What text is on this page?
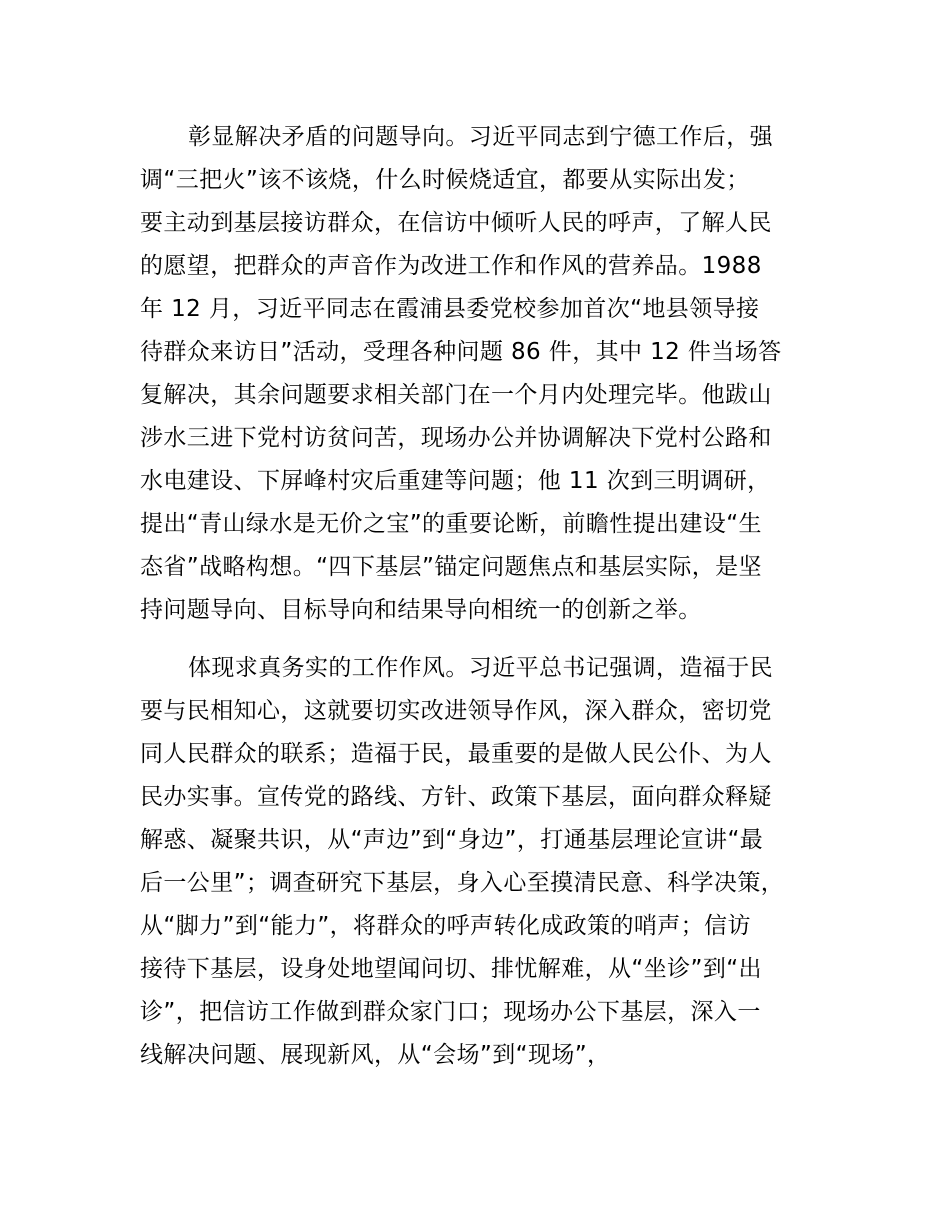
彰显解决矛盾的问题导向。习近平同志到宁德工作后，强
调“三把火”该不该烧，什么时候烧适宜，都要从实际出发；
要主动到基层接访群众，在信访中倾听人民的呼声，了解人民
的愿望，把群众的声音作为改进工作和作风的营养品。1988
年 12 月，习近平同志在霞浦县委党校参加首次“地县领导接
待群众来访日”活动，受理各种问题 86 件，其中 12 件当场答
复解决，其余问题要求相关部门在一个月内处理完毕。他跋山
涉水三进下党村访贫问苦，现场办公并协调解决下党村公路和
水电建设、下屏峰村灾后重建等问题；他 11 次到三明调研，
提出“青山绿水是无价之宝”的重要论断，前瞻性提出建设“生
态省”战略构想。“四下基层”锚定问题焦点和基层实际，是坚
持问题导向、目标导向和结果导向相统一的创新之举。
体现求真务实的工作作风。习近平总书记强调，造福于民
要与民相知心，这就要切实改进领导作风，深入群众，密切党
同人民群众的联系；造福于民，最重要的是做人民公仆、为人
民办实事。宣传党的路线、方针、政策下基层，面向群众释疑
解惑、凝聚共识，从“声边”到“身边”，打通基层理论宣讲“最
后一公里”；调查研究下基层，身入心至摸清民意、科学决策，
从“脚力”到“能力”，将群众的呼声转化成政策的哨声；信访
接待下基层，设身处地望闻问切、排忧解难，从“坐诊”到“出
诊”，把信访工作做到群众家门口；现场办公下基层，深入一
线解决问题、展现新风，从“会场”到“现场”，
